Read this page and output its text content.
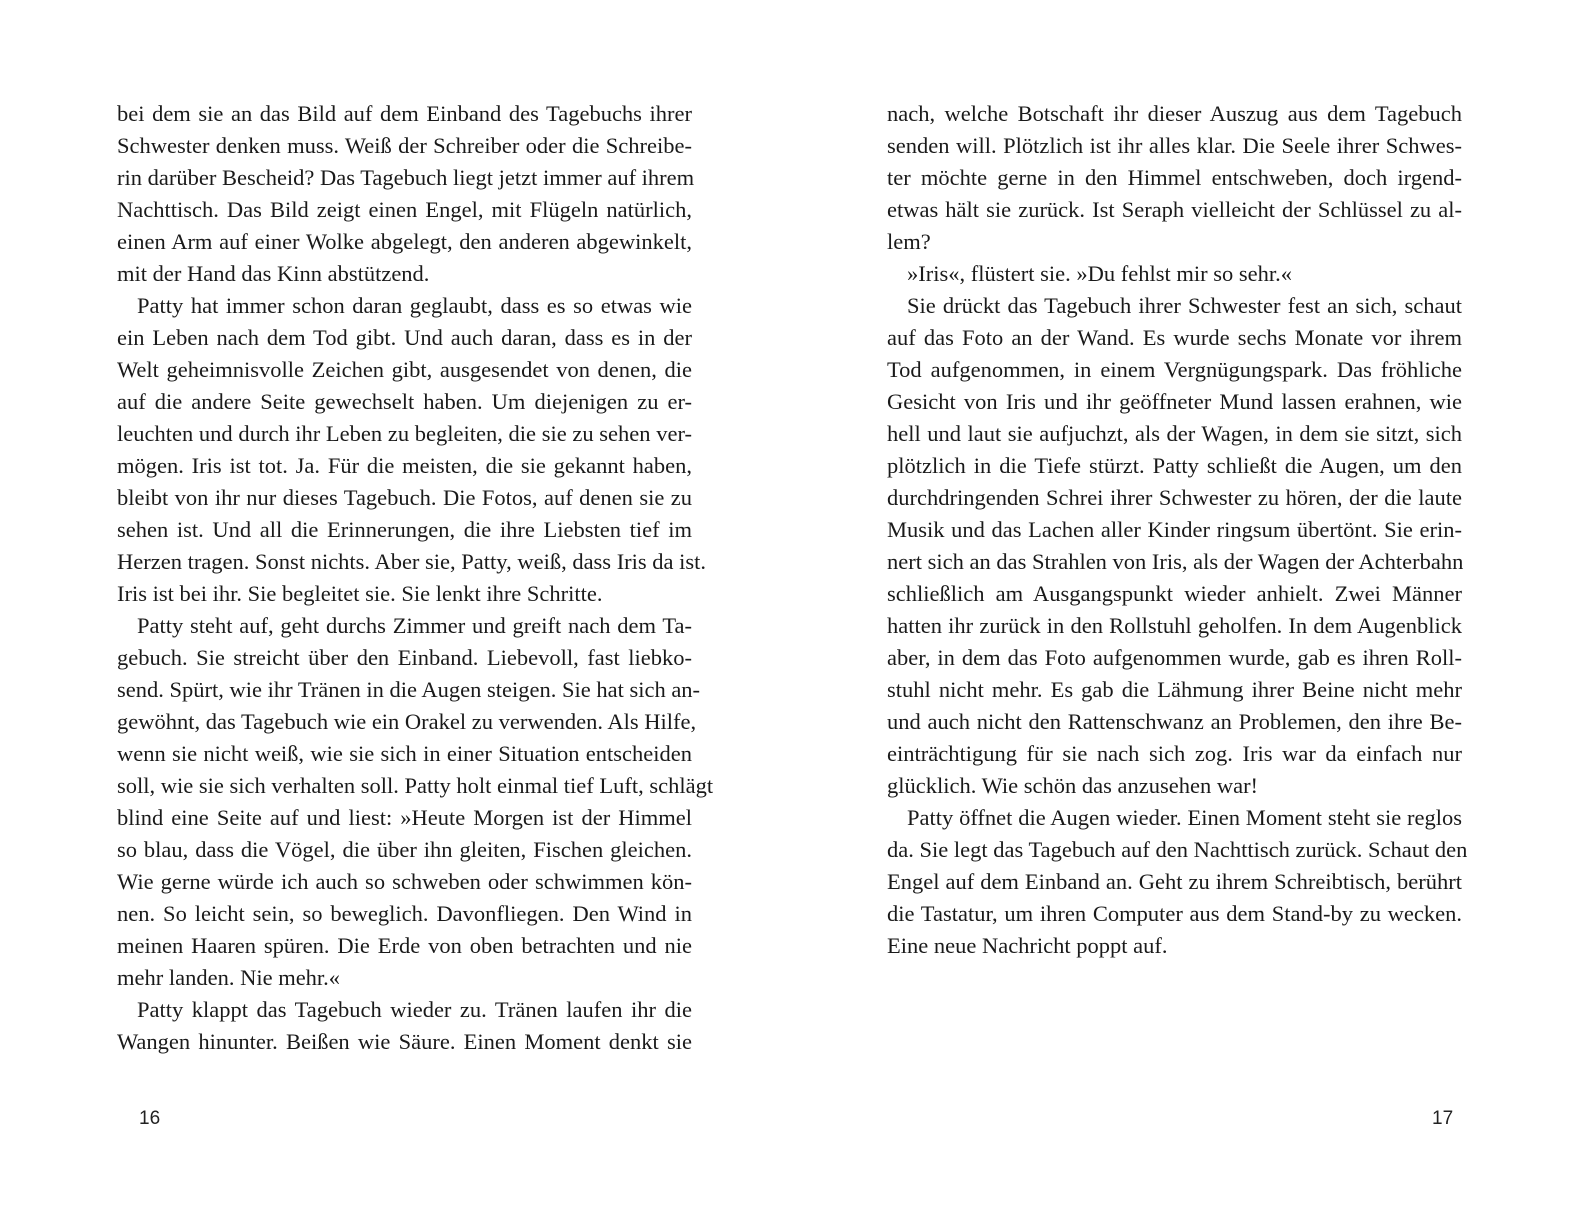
bei dem sie an das Bild auf dem Einband des Tagebuchs ihrer
Schwester denken muss. Weiß der Schreiber oder die Schreibe-
rin darüber Bescheid? Das Tagebuch liegt jetzt immer auf ihrem
Nachttisch. Das Bild zeigt einen Engel, mit Flügeln natürlich,
einen Arm auf einer Wolke abgelegt, den anderen abgewinkelt,
mit der Hand das Kinn abstützend.
Patty hat immer schon daran geglaubt, dass es so etwas wie
ein Leben nach dem Tod gibt. Und auch daran, dass es in der
Welt geheimnisvolle Zeichen gibt, ausgesendet von denen, die
auf die andere Seite gewechselt haben. Um diejenigen zu er-
leuchten und durch ihr Leben zu begleiten, die sie zu sehen ver-
mögen. Iris ist tot. Ja. Für die meisten, die sie gekannt haben,
bleibt von ihr nur dieses Tagebuch. Die Fotos, auf denen sie zu
sehen ist. Und all die Erinnerungen, die ihre Liebsten tief im
Herzen tragen. Sonst nichts. Aber sie, Patty, weiß, dass Iris da ist.
Iris ist bei ihr. Sie begleitet sie. Sie lenkt ihre Schritte.
Patty steht auf, geht durchs Zimmer und greift nach dem Ta-
gebuch. Sie streicht über den Einband. Liebevoll, fast liebko-
send. Spürt, wie ihr Tränen in die Augen steigen. Sie hat sich an-
gewöhnt, das Tagebuch wie ein Orakel zu verwenden. Als Hilfe,
wenn sie nicht weiß, wie sie sich in einer Situation entscheiden
soll, wie sie sich verhalten soll. Patty holt einmal tief Luft, schlägt
blind eine Seite auf und liest: »Heute Morgen ist der Himmel
so blau, dass die Vögel, die über ihn gleiten, Fischen gleichen.
Wie gerne würde ich auch so schweben oder schwimmen kön-
nen. So leicht sein, so beweglich. Davonfliegen. Den Wind in
meinen Haaren spüren. Die Erde von oben betrachten und nie
mehr landen. Nie mehr.«
Patty klappt das Tagebuch wieder zu. Tränen laufen ihr die
Wangen hinunter. Beißen wie Säure. Einen Moment denkt sie
16
nach, welche Botschaft ihr dieser Auszug aus dem Tagebuch
senden will. Plötzlich ist ihr alles klar. Die Seele ihrer Schwes-
ter möchte gerne in den Himmel entschweben, doch irgend-
etwas hält sie zurück. Ist Seraph vielleicht der Schlüssel zu al-
lem?
»Iris«, flüstert sie. »Du fehlst mir so sehr.«
Sie drückt das Tagebuch ihrer Schwester fest an sich, schaut
auf das Foto an der Wand. Es wurde sechs Monate vor ihrem
Tod aufgenommen, in einem Vergnügungspark. Das fröhliche
Gesicht von Iris und ihr geöffneter Mund lassen erahnen, wie
hell und laut sie aufjuchzt, als der Wagen, in dem sie sitzt, sich
plötzlich in die Tiefe stürzt. Patty schließt die Augen, um den
durchdringenden Schrei ihrer Schwester zu hören, der die laute
Musik und das Lachen aller Kinder ringsum übertönt. Sie erin-
nert sich an das Strahlen von Iris, als der Wagen der Achterbahn
schließlich am Ausgangspunkt wieder anhielt. Zwei Männer
hatten ihr zurück in den Rollstuhl geholfen. In dem Augenblick
aber, in dem das Foto aufgenommen wurde, gab es ihren Roll-
stuhl nicht mehr. Es gab die Lähmung ihrer Beine nicht mehr
und auch nicht den Rattenschwanz an Problemen, den ihre Be-
einträchtigung für sie nach sich zog. Iris war da einfach nur
glücklich. Wie schön das anzusehen war!
Patty öffnet die Augen wieder. Einen Moment steht sie reglos
da. Sie legt das Tagebuch auf den Nachttisch zurück. Schaut den
Engel auf dem Einband an. Geht zu ihrem Schreibtisch, berührt
die Tastatur, um ihren Computer aus dem Stand-by zu wecken.
Eine neue Nachricht poppt auf.
17
